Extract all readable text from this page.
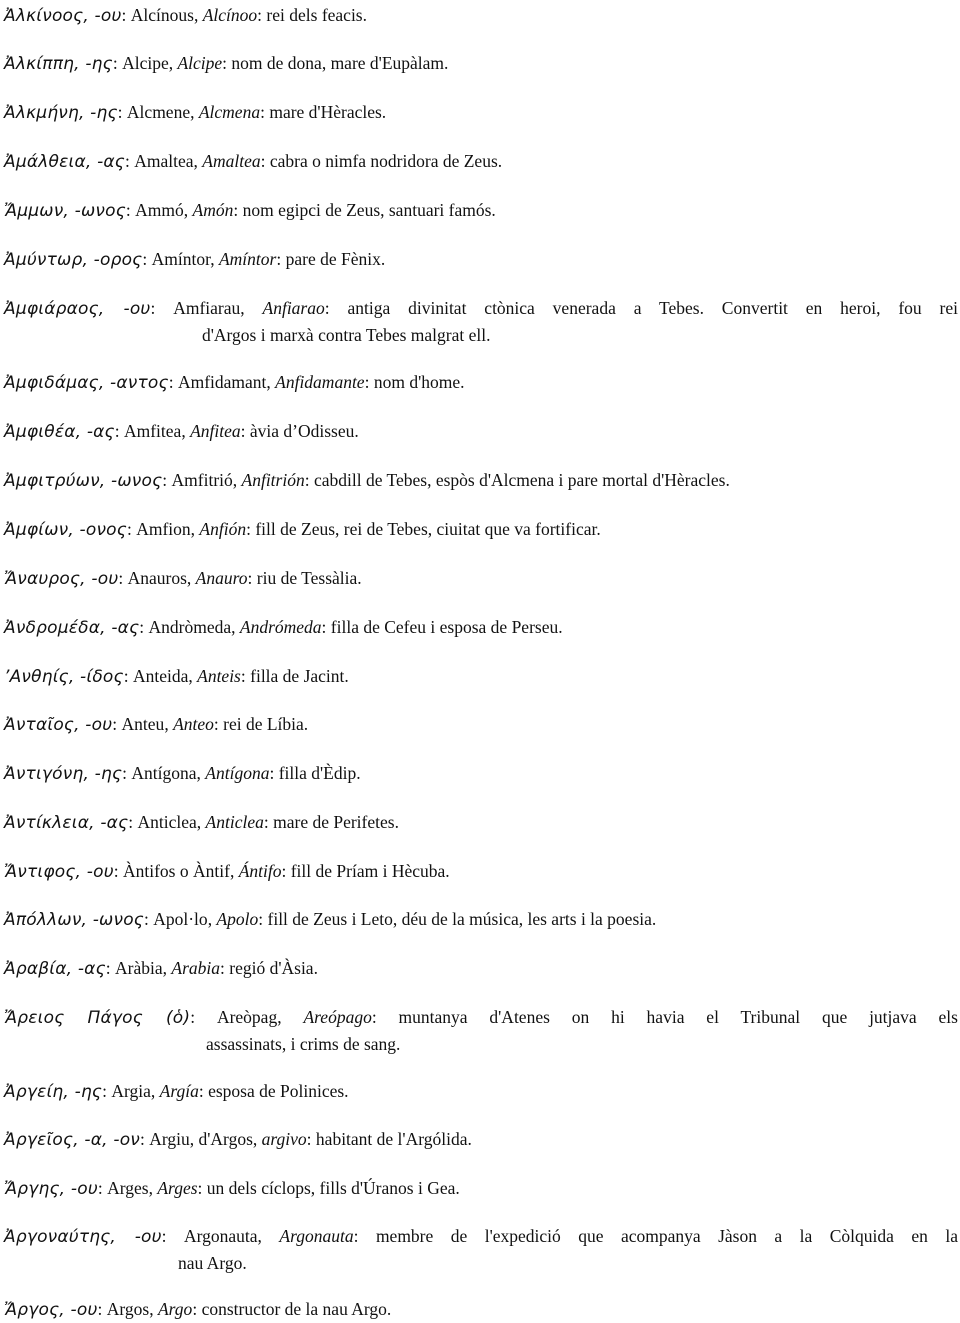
Ἀλκίνοος, -ου: Alcínous, Alcínoo: rei dels feacis.
Ἀλκίππη, -ης: Alcipe, Alcipe: nom de dona, mare d'Eupàlam.
Ἀλκμήνη, -ης: Alcmene, Alcmena: mare d'Hèracles.
Ἀμάλθεια, -ας: Amaltea, Amaltea: cabra o nimfa nodridora de Zeus.
Ἄμμων, -ωνος: Ammó, Amón: nom egipci de Zeus, santuari famós.
Ἀμύντωρ, -ορος: Amíntor, Amíntor: pare de Fènix.
Ἀμφιάραος, -ου: Amfiarau, Anfiarao: antiga divinitat ctònica venerada a Tebes. Convertit en heroi, fou rei
d'Argos i marxà contra Tebes malgrat ell.
Ἀμφιδάμας, -αντος: Amfidamant, Anfidamante: nom d'home.
Ἀμφιθέα, -ας: Amfitea, Anfitea: àvia d’Odisseu.
Ἀμφιτρύων, -ωνος: Amfitrió, Anfitrión: cabdill de Tebes, espòs d'Alcmena i pare mortal d'Hèracles.
Ἀμφίων, -ονος: Amfion, Anfión: fill de Zeus, rei de Tebes, ciuitat que va fortificar.
Ἄναυρος, -ου: Anauros, Anauro: riu de Tessàlia.
Ἀνδρομέδα, -ας: Andròmeda, Andrómeda: filla de Cefeu i esposa de Perseu.
’Ανθηίς, -ίδος: Anteida, Anteis: filla de Jacint.
Ἀνταῖος, -ου: Anteu, Anteo: rei de Líbia.
Ἀντιγόνη, -ης: Antígona, Antígona: filla d'Èdip.
Ἀντίκλεια, -ας: Anticlea, Anticlea: mare de Perifetes.
Ἄντιφος, -ου: Àntifos o Àntif, Ántifo: fill de Príam i Hècuba.
Ἀπόλλων, -ωνος: Apol·lo, Apolo: fill de Zeus i Leto, déu de la música, les arts i la poesia.
Ἀραβία, -ας: Aràbia, Arabia: regió d'Àsia.
Ἄρειος Πάγος (ὁ): Areòpag, Areópago: muntanya d'Atenes on hi havia el Tribunal que jutjava els
assassinats, i crims de sang.
Ἀργείη, -ης: Argia, Argía: esposa de Polinices.
Ἀργεῖος, -α, -ον: Argiu, d'Argos, argivo: habitant de l'Argólida.
Ἄργης, -ου: Arges, Arges: un dels cíclops, fills d'Úranos i Gea.
Ἀργοναύτης, -ου: Argonauta, Argonauta: membre de l'expedició que acompanya Jàson a la Còlquida en la
nau Argo.
Ἄργος, -ου: Argos, Argo: constructor de la nau Argo.
